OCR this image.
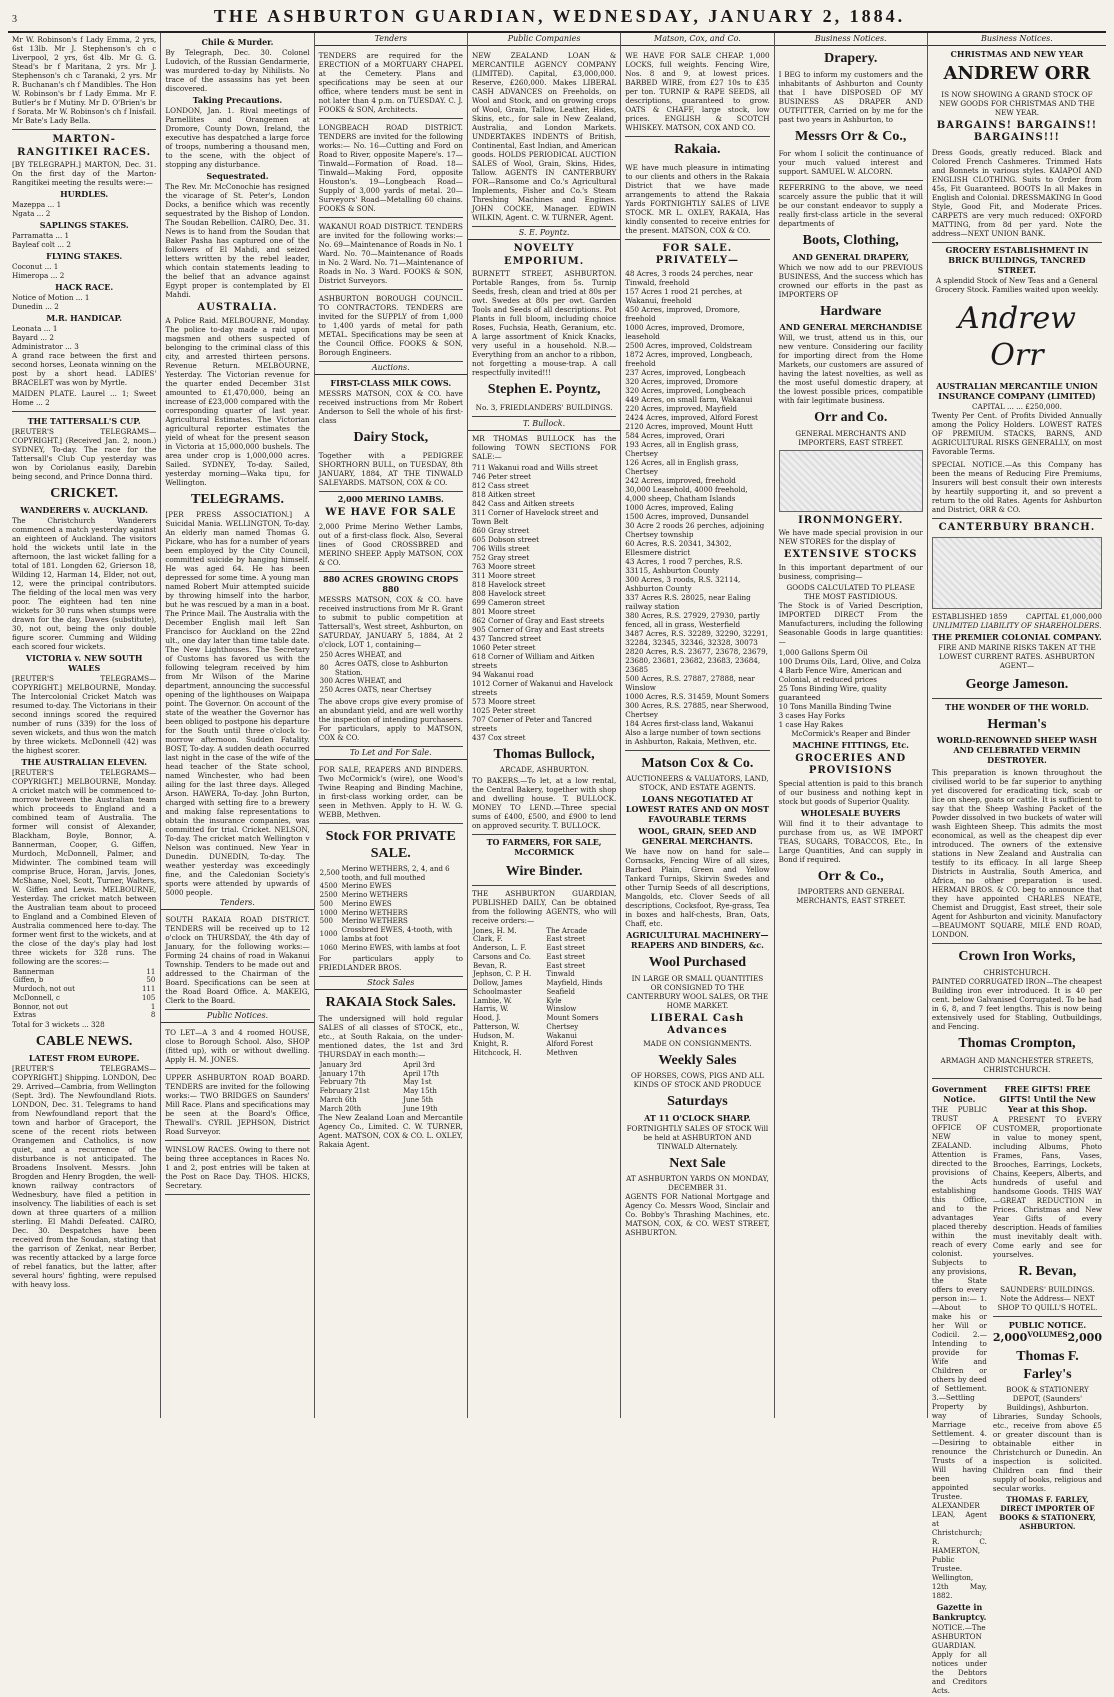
3	THE ASHBURTON GUARDIAN, WEDNESDAY, JANUARY 2, 1884.

Mr W. Robinson's f Lady Emma, 2 yrs, 6st 13lb. Mr J. Stephenson's ch c Liverpool, 2 yrs, 6st 4lb. Mr G. G. Stead's br f Maritana, 2 yrs. Mr J. Stephenson's ch c Taranaki, 2 yrs. Mr R. Buchanan's ch f Mandibles. The Hon W. Robinson's br f Lady Emma. Mr F. Butler's br f Mutiny. Mr D. O'Brien's br f Sorata. Mr W. Robinson's ch f Inisfail. Mr Bate's Lady Bella.

MARTON-RANGITIKEI RACES.

[BY TELEGRAPH.] MARTON, Dec. 31. On the first day of the Marton-Rangitikei meeting the results were:—

HURDLES.
Mazeppa ... 1
Ngata ... 2
SAPLINGS STAKES.
Parramatta ... 1
Bayleaf colt ... 2
FLYING STAKES.
Coconut ... 1
Himeropa ... 2
HACK RACE.
Notice of Motion ... 1
Dunedin ... 2
M.R. HANDICAP.
Leonata ... 1
Bayard ... 2
Administrator ... 3

A grand race between the first and second horses, Leonata winning on the post by a short head. LADIES' BRACELET was won by Myrtle.

MAIDEN PLATE. Laurel ... 1; Sweet Home ... 2

THE TATTERSALL'S CUP.

[REUTER'S TELEGRAMS—COPYRIGHT.] (Received Jan. 2, noon.) SYDNEY, To-day. The race for the Tattersall's Club Cup yesterday was won by Coriolanus easily, Darebin being second, and Prince Donna third.

CRICKET.
WANDERERS v. AUCKLAND.

The Christchurch Wanderers commenced a match yesterday against an eighteen of Auckland. The visitors hold the wickets until late in the afternoon, the last wicket falling for a total of 181. Longden 62, Grierson 18, Wilding 12, Harman 14, Elder, not out, 12, were the principal contributors. The fielding of the local men was very poor. The eighteen had ten nine wickets for 30 runs when stumps were drawn for the day, Dawes (substitute), 30, not out, being the only double figure scorer. Cumming and Wilding each scored four wickets.

VICTORIA v. NEW SOUTH WALES

[REUTER'S TELEGRAMS—COPYRIGHT.] MELBOURNE, Monday. The Intercolonial Cricket Match was resumed to-day. The Victorians in their second innings scored the required number of runs (339) for the loss of seven wickets, and thus won the match by three wickets. McDonnell (42) was the highest scorer.

THE AUSTRALIAN ELEVEN.

[REUTER'S TELEGRAMS—COPYRIGHT.] MELBOURNE, Monday. A cricket match will be commenced to-morrow between the Australian team which proceeds to England and a combined team of Australia. The former will consist of Alexander, Blackham, Boyle, Bonnor, A. Bannerman, Cooper, G. Giffen, Murdoch, McDonnell, Palmer, and Midwinter. The combined team will comprise Bruce, Horan, Jarvis, Jones, McShane, Noel, Scott, Turner, Walters, W. Giffen and Lewis. MELBOURNE, Yesterday. The cricket match between the Australian team about to proceed to England and a Combined Eleven of Australia commenced here to-day. The former went first to the wickets, and at the close of the day's play had lost three wickets for 328 runs. The following are the scores:—

Bannerman	11
Giffen, b	50
Murdoch, not out	111
McDonnell, c	105
Bonnor, not out	1
Extras	8

Total for 3 wickets ... 328

CABLE NEWS.
LATEST FROM EUROPE.

[REUTER'S TELEGRAMS—COPYRIGHT.] Shipping. LONDON, Dec 29. Arrived—Cambria, from Wellington (Sept. 3rd). The Newfoundland Riots. LONDON, Dec. 31. Telegrams to hand from Newfoundland report that the town and harbor of Graceport, the scene of the recent riots between Orangemen and Catholics, is now quiet, and a recurrence of the disturbance is not anticipated. The Broadens Insolvent. Messrs. John Brogden and Henry Brogden, the well-known railway contractors of Wednesbury, have filed a petition in insolvency. The liabilities of each is set down at three quarters of a million sterling. El Mahdi Defeated. CAIRO, Dec. 30. Despatches have been received from the Soudan, stating that the garrison of Zenkat, near Berber, was recently attacked by a large force of rebel fanatics, but the latter, after several hours' fighting, were repulsed with heavy loss.

Chile & Murder.

By Telegraph, Dec. 30. Colonel Ludovich, of the Russian Gendarmerie, was murdered to-day by Nihilists. No trace of the assassins has yet been discovered.

Taking Precautions.

LONDON, Jan. 1. Rival meetings of Parnellites and Orangemen at Dromore, County Down, Ireland, the executive has despatched a large force of troops, numbering a thousand men, to the scene, with the object of stopping any disturbance.

Sequestrated.

The Rev. Mr. McConochie has resigned the vicarage of St. Peter's, London Docks, a benifice which was recently sequestrated by the Bishop of London. The Soudan Rebellion. CAIRO, Dec. 31. News is to hand from the Soudan that Baker Pasha has captured one of the followers of El Mahdi, and seized letters written by the rebel leader, which contain statements leading to the belief that an advance against Egypt proper is contemplated by El Mahdi.

AUSTRALIA.

A Police Raid. MELBOURNE, Monday. The police to-day made a raid upon magsmen and others suspected of belonging to the criminal class of this city, and arrested thirteen persons. Revenue Return. MELBOURNE, Yesterday. The Victorian revenue for the quarter ended December 31st amounted to £1,470,000, being an increase of £23,000 compared with the corresponding quarter of last year. Agricultural Estimates. The Victorian agricultural reporter estimates the yield of wheat for the present season in Victoria at 15,000,000 bushels. The area under crop is 1,000,000 acres. Sailed. SYDNEY, To-day. Sailed, yesterday morning—Waka tipu, for Wellington.

TELEGRAMS.

[PER PRESS ASSOCIATION.] A Suicidal Mania. WELLINGTON, To-day. An elderly man named Thomas G. Pickare, who has for a number of years been employed by the City Council, committed suicide by hanging himself. He was aged 64. He has been depressed for some time. A young man named Robert Muir attempted suicide by throwing himself into the harbor, but he was rescued by a man in a boat. The Prince Mail. The Australia with the December English mail left San Francisco for Auckland on the 22nd ult., one day later than time table date. The New Lighthouses. The Secretary of Customs has favored us with the following telegram received by him from Mr Wilson of the Marine department, announcing the successful opening of the lighthouses on Waipapa point. The Governor. On account of the state of the weather the Governor has been obliged to postpone his departure for the South until three o'clock to-morrow afternoon. Sudden Fatality. BOST, To-day. A sudden death occurred last night in the case of the wife of the head teacher of the State school, named Winchester, who had been ailing for the last three days. Alleged Arson. HAWERA, To-day. John Burton, charged with setting fire to a brewery and making false representations to obtain the insurance companies, was committed for trial. Cricket. NELSON, To-day. The cricket match Wellington v Nelson was continued. New Year in Dunedin. DUNEDIN, To-day. The weather yesterday was exceedingly fine, and the Caledonian Society's sports were attended by upwards of 5000 people.

Tenders.

SOUTH RAKAIA ROAD DISTRICT. TENDERS will be received up to 12 o'clock on THURSDAY, the 4th day of January, for the following works:— Forming 24 chains of road in Wakanui Township. Tenders to be made out and addressed to the Chairman of the Board. Specifications can be seen at the Road Board Office. A. MAKEIG, Clerk to the Board.

Public Notices.

TO LET—A 3 and 4 roomed HOUSE, close to Borough School. Also, SHOP (fitted up), with or without dwelling. Apply H. M. JONES.

UPPER ASHBURTON ROAD BOARD. TENDERS are invited for the following works:— TWO BRIDGES on Saunders' Mill Race. Plans and specifications may be seen at the Board's Office, Thewall's. CYRIL JEPHSON, District Road Surveyor.

WINSLOW RACES. Owing to there not being three acceptances in Races No. 1 and 2, post entries will be taken at the Post on Race Day. THOS. HICKS, Secretary.

Tenders

TENDERS are required for the ERECTION of a MORTUARY CHAPEL at the Cemetery. Plans and specifications may be seen at our office, where tenders must be sent in not later than 4 p.m. on TUESDAY. C. J. FOOKS & SON, Architects.

LONGBEACH ROAD DISTRICT. TENDERS are invited for the following works:— No. 16—Cutting and Ford on Road to River, opposite Mapere's. 17—Tinwald—Formation of Road. 18—Tinwald—Making Ford, opposite Houston's. 19—Longbeach Road—Supply of 3,000 yards of metal. 20—Surveyors' Road—Metalling 60 chains. FOOKS & SON.

WAKANUI ROAD DISTRICT. TENDERS are invited for the following works:— No. 69—Maintenance of Roads in No. 1 Ward. No. 70—Maintenance of Roads in No. 2 Ward. No. 71—Maintenance of Roads in No. 3 Ward. FOOKS & SON, District Surveyors.

ASHBURTON BOROUGH COUNCIL. TO CONTRACTORS. TENDERS are invited for the SUPPLY of from 1,000 to 1,400 yards of metal for path METAL. Specifications may be seen at the Council Office. FOOKS & SON, Borough Engineers.

Auctions.
FIRST-CLASS MILK COWS.

MESSRS MATSON, COX & CO. have received instructions from Mr Robert Anderson to Sell the whole of his first-class

Dairy Stock,

Together with a PEDIGREE SHORTHORN BULL, on TUESDAY, 8th JANUARY, 1884, AT THE TINWALD SALEYARDS. MATSON, COX & CO.

2,000 MERINO LAMBS.
WE HAVE FOR SALE

2,000 Prime Merino Wether Lambs, out of a first-class flock. Also, Several lines of Good CROSSBRED and MERINO SHEEP. Apply MATSON, COX & CO.

880 ACRES GROWING CROPS 880

MESSRS MATSON, COX & CO. have received instructions from Mr R. Grant to submit to public competition at Tattersall's, West street, Ashburton, on SATURDAY, JANUARY 5, 1884, At 2 o'clock, LOT 1, containing—

250	Acres WHEAT, and
80	Acres OATS, close to Ashburton Station.
300	Acres WHEAT, and
250	Acres OATS, near Chertsey

The above crops give every promise of an abundant yield, and are well worthy the inspection of intending purchasers. For particulars, apply to MATSON, COX & CO.

To Let and For Sale.

FOR SALE, REAPERS AND BINDERS. Two McCormick's (wire), one Wood's Twine Reaping and Binding Machine, in first-class working order, can be seen in Methven. Apply to H. W. G. WEBB, Methven.

Stock FOR PRIVATE SALE.
2,500	Merino WETHERS, 2, 4, and 6 tooth, and full mouthed
4500	Merino EWES
2500	Merino WETHERS
500	Merino EWES
1000	Merino WETHERS
500	Merino WETHERS
1000	Crossbred EWES, 4-tooth, with lambs at foot
1060	Merino EWES, with lambs at foot

For particulars apply to FRIEDLANDER BROS.

Stock Sales
RAKAIA Stock Sales.

The undersigned will hold regular SALES of all classes of STOCK, etc., etc., at South Rakaia, on the under-mentioned dates, the 1st and 3rd THURSDAY in each month:—

January 3rd	April 3rd
January 17th	April 17th
February 7th	May 1st
February 21st	May 15th
March 6th	June 5th
March 20th	June 19th

The New Zealand Loan and Mercantile Agency Co., Limited. C. W. TURNER, Agent. MATSON, COX & CO. L. OXLEY, Rakaia Agent.

Public Companies

NEW ZEALAND LOAN & MERCANTILE AGENCY COMPANY (LIMITED). Capital, £3,000,000. Reserve, £260,000. Makes LIBERAL CASH ADVANCES on Freeholds, on Wool and Stock, and on growing crops of Wool, Grain, Tallow, Leather, Hides, Skins, etc., for sale in New Zealand, Australia, and London Markets. UNDERTAKES INDENTS of British, Continental, East Indian, and American goods. HOLDS PERIODICAL AUCTION SALES of Wool, Grain, Skins, Hides, Tallow. AGENTS IN CANTERBURY FOR—Ransome and Co.'s Agricultural Implements, Fisher and Co.'s Steam Threshing Machines and Engines. JOHN COCKE, Manager. EDWIN WILKIN, Agent. C. W. TURNER, Agent.

S. E. Poyntz.
NOVELTY EMPORIUM.

BURNETT STREET, ASHBURTON. Portable Ranges, from 5s. Turnip Seeds, fresh, clean and tried at 80s per owt. Swedes at 80s per owt. Garden Tools and Seeds of all descriptions. Pot Plants in full bloom, including choice Roses, Fuchsia, Heath, Geranium, etc. A large assortment of Knick Knacks, very useful in a household. N.B.—Everything from an anchor to a ribbon, not forgetting a mouse-trap. A call respectfully invited!!!

Stephen E. Poyntz,
No. 3, FRIEDLANDERS' BUILDINGS.
T. Bullock.

MR THOMAS BULLOCK has the following TOWN SECTIONS FOR SALE:—

711 Wakanui road and Wills street
746 Peter street
812 Cass street
818 Aitken street
842 Cass and Aitken streets
311 Corner of Havelock street and Town Belt
860 Gray street
605 Dobson street
706 Wills street
752 Gray street
763 Moore street
311 Moore street
818 Havelock street
808 Havelock street
699 Cameron street
801 Moore street
862 Corner of Gray and East streets
905 Corner of Gray and East streets
437 Tancred street
1060 Peter street
618 Corner of William and Aitken streets
94 Wakanui road
1012 Corner of Wakanui and Havelock streets
573 Moore street
1025 Peter street
707 Corner of Peter and Tancred streets
437 Cox street
Thomas Bullock,
ARCADE, ASHBURTON.

TO BAKERS.—To let, at a low rental, the Central Bakery, together with shop and dwelling house. T. BULLOCK. MONEY TO LEND.—Three special sums of £400, £500, and £900 to lend on approved security. T. BULLOCK.

TO FARMERS, FOR SALE, McCORMICK
Wire Binder.

THE ASHBURTON GUARDIAN, PUBLISHED DAILY, Can be obtained from the following AGENTS, who will receive orders:—

Jones, H. M.	The Arcade
Clark, F.	East street
Anderson, L. F.	East street
Carsons and Co.	East street
Bevan, R.	East street
Jephson, C. P. H.	Tinwald
Dollow, James	Mayfield, Hinds
Schoolmaster	Seafield
Lambie, W.	Kyle
Harris, W.	Winslow
Hood, J.	Mount Somers
Patterson, W.	Chertsey
Hudson, M.	Wakanui
Knight, R.	Alford Forest
Hitchcock, H.	Methven
Matson, Cox, and Co.

WE HAVE FOR SALE CHEAP. 1,000 LOCKS, full weights. Fencing Wire, Nos. 8 and 9, at lowest prices. BARBED WIRE, from £27 10s to £35 per ton. TURNIP & RAPE SEEDS, all descriptions, guaranteed to grow. OATS & CHAFF, large stock, low prices. ENGLISH & SCOTCH WHISKEY. MATSON, COX AND CO.

Rakaia.

WE have much pleasure in intimating to our clients and others in the Rakaia District that we have made arrangements to attend the Rakaia Yards FORTNIGHTLY SALES of LIVE STOCK. MR L. OXLEY, RAKAIA, Has kindly consented to receive entries for the present. MATSON, COX & CO.

FOR SALE. PRIVATELY—
48 Acres, 3 roods 24 perches, near Tinwald, freehold
157 Acres 1 rood 21 perches, at Wakanui, freehold
450 Acres, improved, Dromore, freehold
1000 Acres, improved, Dromore, leasehold
2500 Acres, improved, Coldstream
1872 Acres, improved, Longbeach, freehold
237 Acres, improved, Longbeach
320 Acres, improved, Dromore
320 Acres, improved, Longbeach
449 Acres, on small farm, Wakanui
220 Acres, improved, Mayfield
2424 Acres, improved, Alford Forest
2120 Acres, improved, Mount Hutt
584 Acres, improved, Orari
193 Acres, all in English grass, Chertsey
126 Acres, all in English grass, Chertsey
242 Acres, improved, freehold
30,000 Leasehold, 4000 freehold, 4,000 sheep, Chatham Islands
1000 Acres, improved, Ealing
1500 Acres, improved, Dunsandel
30 Acre 2 roods 26 perches, adjoining Chertsey township
60 Acres, R.S. 20341, 34302, Ellesmere district
43 Acres, 1 rood 7 perches, R.S. 33115, Ashburton County
300 Acres, 3 roods, R.S. 32114, Ashburton County
337 Acres R.S. 28025, near Ealing railway station
380 Acres, R.S. 27929, 27930, partly fenced, all in grass, Westerfield
3487 Acres, R.S. 32289, 32290, 32291, 32284, 32345, 32346, 32328, 30073
2820 Acres, R.S. 23677, 23678, 23679, 23680, 23681, 23682, 23683, 23684, 23685
500 Acres, R.S. 27887, 27888, near Winslow
1000 Acres, R.S. 31459, Mount Somers
300 Acres, R.S. 27885, near Sherwood, Chertsey
184 Acres first-class land, Wakanui
Also a large number of town sections in Ashburton, Rakaia, Methven, etc.
Matson Cox & Co.
AUCTIONEERS & VALUATORS, LAND, STOCK, AND ESTATE AGENTS.
LOANS NEGOTIATED AT LOWEST RATES AND ON MOST FAVOURABLE TERMS
WOOL, GRAIN, SEED AND GENERAL MERCHANTS.

We have now on hand for sale— Cornsacks, Fencing Wire of all sizes, Barbed Plain, Green and Yellow Tankard Turnips, Skirvin Swedes and other Turnip Seeds of all descriptions, Mangolds, etc. Clover Seeds of all descriptions, Cocksfoot, Rye-grass, Tea in boxes and half-chests, Bran, Oats, Chaff, etc.

AGRICULTURAL MACHINERY—REAPERS AND BINDERS, &c.
Wool Purchased
IN LARGE OR SMALL QUANTITIES OR CONSIGNED TO THE CANTERBURY WOOL SALES, OR THE HOME MARKET.
LIBERAL Cash Advances
MADE ON CONSIGNMENTS.
Weekly Sales
OF HORSES, COWS, PIGS AND ALL KINDS OF STOCK AND PRODUCE
Saturdays
AT 11 O'CLOCK SHARP.
FORTNIGHTLY SALES OF STOCK Will be held at ASHBURTON AND TINWALD Alternately.
Next Sale
AT ASHBURTON YARDS ON MONDAY, DECEMBER 31.

AGENTS FOR National Mortgage and Agency Co. Messrs Wood, Sinclair and Co. Bobby's Thrashing Machines, etc. MATSON, COX, & CO. WEST STREET, ASHBURTON.

Business Notices.
Drapery.

I BEG to inform my customers and the inhabitants of Ashburton and County that I have DISPOSED OF MY BUSINESS AS DRAPER AND OUTFITTER, Carried on by me for the past two years in Ashburton, to

Messrs Orr & Co.,

For whom I solicit the continuance of your much valued interest and support. SAMUEL W. ALCORN.

REFERRING to the above, we need scarcely assure the public that it will be our constant endeavor to supply a really first-class article in the several departments of

Boots, Clothing,
AND GENERAL DRAPERY,

Which we now add to our PREVIOUS BUSINESS, And the success which has crowned our efforts in the past as IMPORTERS OF

Hardware
AND GENERAL MERCHANDISE

Will, we trust, attend us in this, our new venture. Considering our facility for importing direct from the Home Markets, our customers are assured of having the latest novelties, as well as the most useful domestic drapery, at the lowest possible prices, compatible with fair legitimate business.

Orr and Co.
GENERAL MERCHANTS AND IMPORTERS, EAST STREET.
IRONMONGERY.

We have made special provision in our NEW STORES for the display of

EXTENSIVE STOCKS

In this important department of our business, comprising—

GOODS CALCULATED TO PLEASE THE MOST FASTIDIOUS.

The Stock is of Varied Description, IMPORTED DIRECT From the Manufacturers, including the following Seasonable Goods in large quantities:—

1,000 Gallons Sperm Oil
100 Drums Oils, Lard, Olive, and Colza
4 Barb Fence Wire, American and Colonial, at reduced prices
25 Tons Binding Wire, quality guaranteed
10 Tons Manilla Binding Twine
3 cases Hay Forks
1 case Hay Rakes
McCormick's Reaper and Binder
MACHINE FITTINGS, Etc.
GROCERIES AND PROVISIONS

Special attention is paid to this branch of our business and nothing kept in stock but goods of Superior Quality.

WHOLESALE BUYERS

Will find it to their advantage to purchase from us, as WE IMPORT TEAS, SUGARS, TOBACCOS, Etc., In Large Quantities, And can supply in Bond if required.

Orr & Co.,
IMPORTERS AND GENERAL MERCHANTS, EAST STREET.
Business Notices.
CHRISTMAS AND NEW YEAR
ANDREW ORR
IS NOW SHOWING A GRAND STOCK OF NEW GOODS FOR CHRISTMAS AND THE NEW YEAR.
BARGAINS! BARGAINS!! BARGAINS!!!

Dress Goods, greatly reduced. Black and Colored French Cashmeres. Trimmed Hats and Bonnets in various styles. KAIAPOI AND ENGLISH CLOTHING. Suits to Order from 45s, Fit Guaranteed. BOOTS In all Makes in English and Colonial. DRESSMAKING In Good Style, Good Fit, and Moderate Prices. CARPETS are very much reduced: OXFORD MATTING, from 8d per yard. Note the address—NEXT UNION BANK.

GROCERY ESTABLISHMENT IN BRICK BUILDINGS, TANCRED STREET.
A splendid Stock of New Teas and a General Grocery Stock. Families waited upon weekly.
Andrew Orr
AUSTRALIAN MERCANTILE UNION INSURANCE COMPANY (LIMITED)
CAPITAL ... ... £250,000.

Twenty Per Cent. of Profits Divided Annually among the Policy Holders. LOWEST RATES OF PREMIUM. STACKS, BARNS, AND AGRICULTURAL RISKS GENERALLY, on most Favorable Terms.

SPECIAL NOTICE.—As this Company has been the means of Reducing Fire Premiums, Insurers will best consult their own interests by heartily supporting it, and so prevent a return to the old Rates. Agents for Ashburton and District, ORR & CO.

CANTERBURY BRANCH.
ESTABLISHED 1859	CAPITAL £1,000,000
UNLIMITED LIABILITY OF SHAREHOLDERS.
THE PREMIER COLONIAL COMPANY.
FIRE AND MARINE RISKS TAKEN AT THE LOWEST CURRENT RATES. ASHBURTON AGENT—
George Jameson.
THE WONDER OF THE WORLD.
Herman's
WORLD-RENOWNED SHEEP WASH AND CELEBRATED VERMIN DESTROYER.

This preparation is known throughout the civilised world to be far superior to anything yet discovered for eradicating tick, scab or lice on sheep, goats or cattle. It is sufficient to say that the Sheep Washing Packet of the Powder dissolved in two buckets of water will wash Eighteen Sheep. This admits the most economical, as well as the cheapest dip ever introduced. The owners of the extensive stations in New Zealand and Australia can testify to its efficacy. In all large Sheep Districts in Australia, South America, and Africa, no other preparation is used. HERMAN BROS. & CO. beg to announce that they have appointed CHARLES NEATE, Chemist and Druggist, East street, their sole Agent for Ashburton and vicinity. Manufactory—BEAUMONT SQUARE, MILE END ROAD, LONDON.

Crown Iron Works,
CHRISTCHURCH.

PAINTED CORRUGATED IRON—The cheapest Building iron ever introduced. It is 40 per cent. below Galvanised Corrugated. To be had in 6, 8, and 7 feet lengths. This is now being extensively used for Stabling, Outbuildings, and Fencing.

Thomas Crompton,
ARMAGH AND MANCHESTER STREETS, CHRISTCHURCH.
Government Notice.

THE PUBLIC TRUST OFFICE OF NEW ZEALAND. Attention is directed to the provisions of the Acts establishing this Office, and to the advantages placed thereby within the reach of every colonist. Subjects to any provisions, the State offers to every person in:— 1.—About to make his or her Will or Codicil. 2.—Intending to provide for Wife and Children or others by deed of Settlement. 3.—Settling Property by way of Marriage Settlement. 4.—Desiring to renounce the Trusts of a Will having been appointed Trustee. ALEXANDER LEAN, Agent at Christchurch; R. C. HAMERTON, Public Trustee. Wellington, 12th May, 1882.

Gazette in Bankruptcy.

NOTICE.—The ASHBURTON GUARDIAN. Apply for all notices under the Debtors and Creditors Acts.

FREE GIFTS! FREE GIFTS! Until the New Year at this Shop.

A PRESENT TO EVERY CUSTOMER, proportionate in value to money spent, including Albums, Photo Frames, Fans, Vases, Brooches, Earrings, Lockets, Chains, Keepers, Alberts, and hundreds of useful and handsome Goods. THIS WAY—GREAT REDUCTION in Prices. Christmas and New Year Gifts of every description. Heads of families must inevitably dealt with. Come early and see for yourselves.

R. Bevan,
SAUNDERS' BUILDINGS. Note the Address— NEXT SHOP TO QUILL'S HOTEL.
PUBLIC NOTICE.
2,000 VOLUMES 2,000
Thomas F. Farley's
BOOK & STATIONERY DEPOT, (Saunders' Buildings), Ashburton.

Libraries, Sunday Schools, etc., receive from above £5 or greater discount than is obtainable either in Christchurch or Dunedin. An inspection is solicited. Children can find their supply of books, religious and secular works.

THOMAS F. FARLEY, DIRECT IMPORTER OF BOOKS & STATIONERY, ASHBURTON.
